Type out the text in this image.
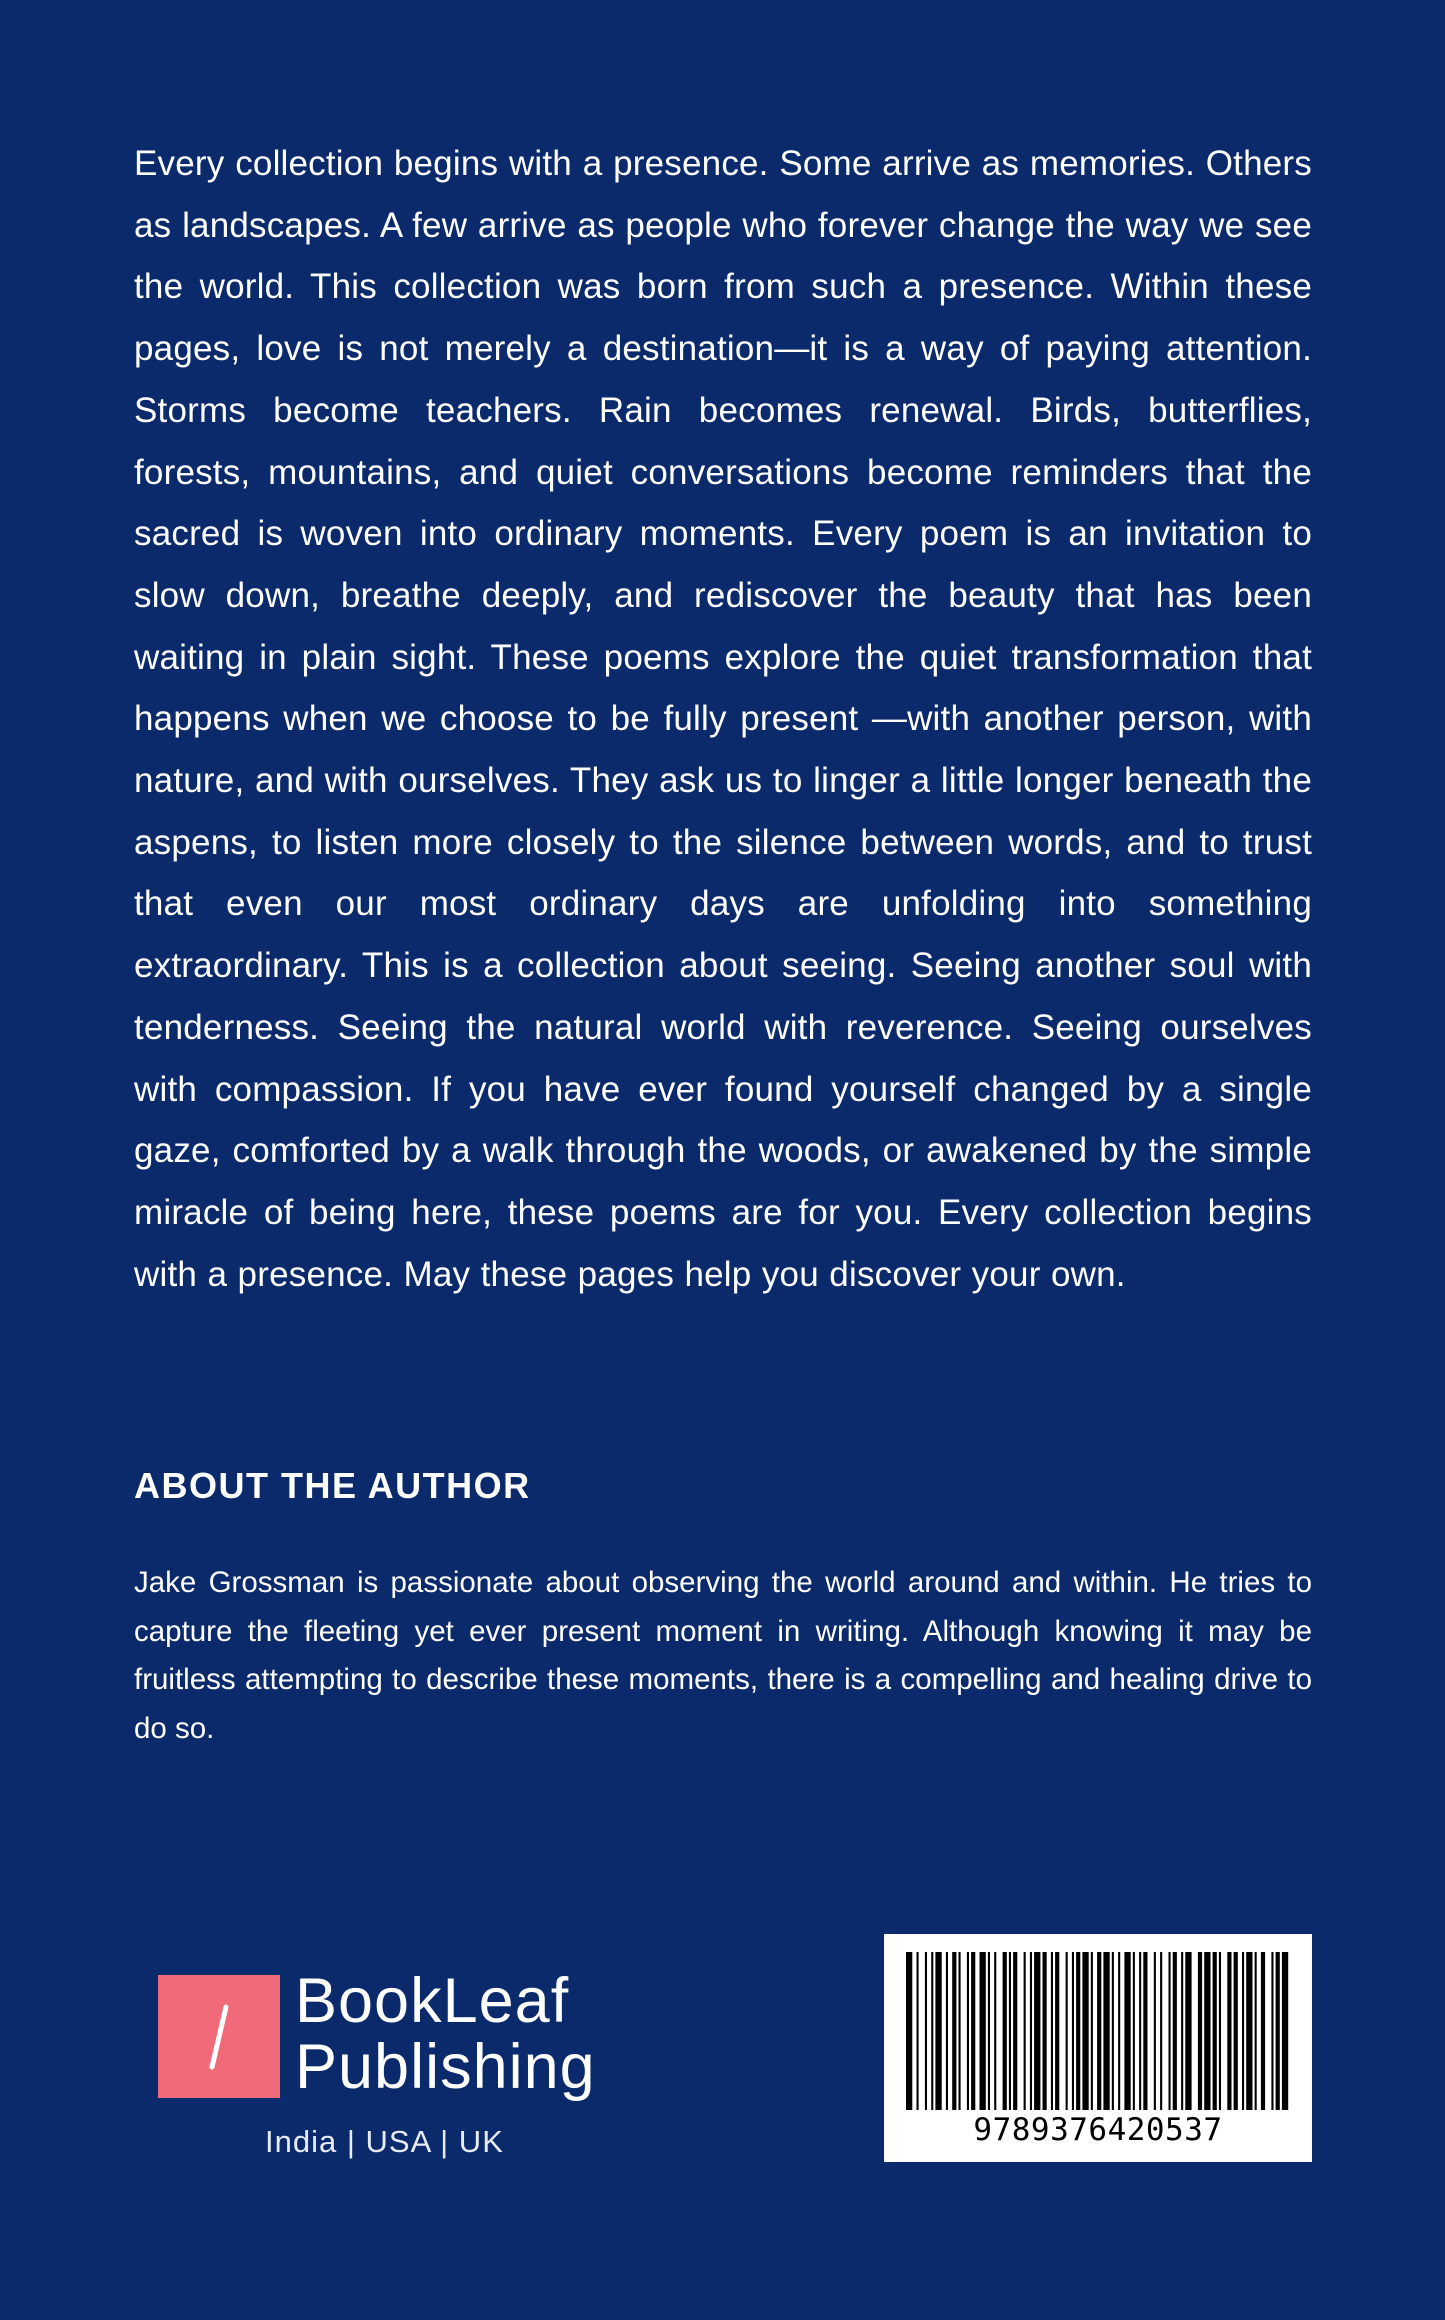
Every collection begins with a presence. Some arrive as memories. Others as landscapes. A few arrive as people who forever change the way we see the world. This collection was born from such a presence. Within these pages, love is not merely a destination—it is a way of paying attention. Storms become teachers. Rain becomes renewal. Birds, butterflies, forests, mountains, and quiet conversations become reminders that the sacred is woven into ordinary moments. Every poem is an invitation to slow down, breathe deeply, and rediscover the beauty that has been waiting in plain sight. These poems explore the quiet transformation that happens when we choose to be fully present —with another person, with nature, and with ourselves. They ask us to linger a little longer beneath the aspens, to listen more closely to the silence between words, and to trust that even our most ordinary days are unfolding into something extraordinary. This is a collection about seeing. Seeing another soul with tenderness. Seeing the natural world with reverence. Seeing ourselves with compassion. If you have ever found yourself changed by a single gaze, comforted by a walk through the woods, or awakened by the simple miracle of being here, these poems are for you. Every collection begins with a presence. May these pages help you discover your own.

ABOUT THE AUTHOR

Jake Grossman is passionate about observing the world around and within. He tries to capture the fleeting yet ever present moment in writing. Although knowing it may be fruitless attempting to describe these moments, there is a compelling and healing drive to do so.

BookLeaf
Publishing
India | USA | UK	9789376420537
